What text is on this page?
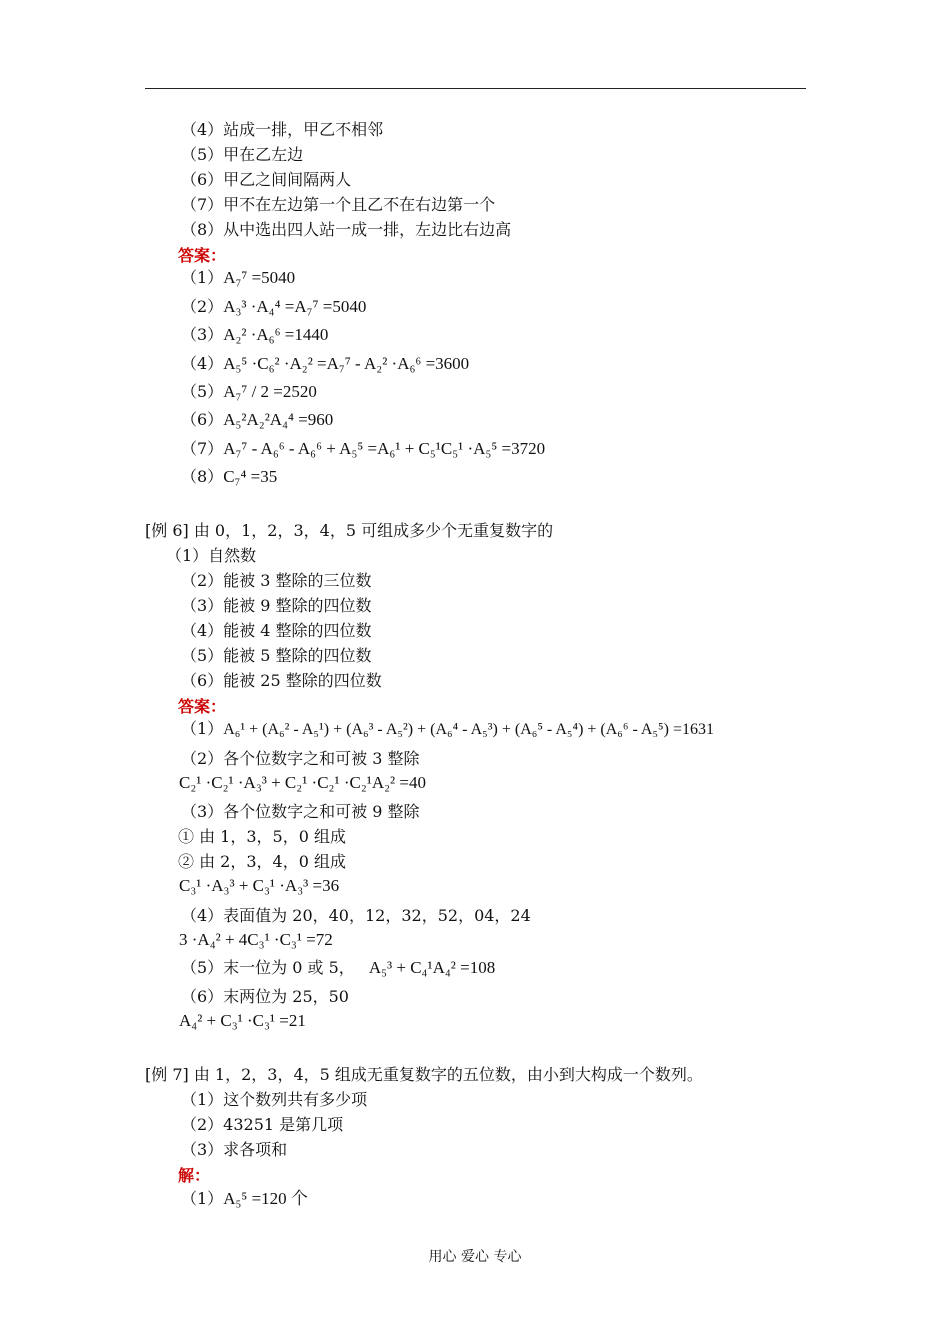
（4）站成一排，甲乙不相邻
（5）甲在乙左边
（6）甲乙之间间隔两人
（7）甲不在左边第一个且乙不在右边第一个
（8）从中选出四人站一成一排，左边比右边高
答案：
（1）A₇⁷ =5040
（2）A₃³ ·A₄⁴ =A₇⁷ =5040
（3）A₂² ·A₆⁶ =1440
（4）A₅⁵ ·C₆² ·A₂² =A₇⁷ - A₂² ·A₆⁶ =3600
（5）A₇⁷ / 2 =2520
（6）A₅²A₂²A₄⁴ =960
（7）A₇⁷ - A₆⁶ - A₆⁶ + A₅⁵ =A₆¹ + C₅¹C₅¹ ·A₅⁵ =3720
（8）C₇⁴ =35
[例 6] 由 0，1，2，3，4，5 可组成多少个无重复数字的
（1）自然数
（2）能被 3 整除的三位数
（3）能被 9 整除的四位数
（4）能被 4 整除的四位数
（5）能被 5 整除的四位数
（6）能被 25 整除的四位数
答案：
（1）A₆¹ + (A₆² - A₅¹) + (A₆³ - A₅²) + (A₆⁴ - A₅³) + (A₆⁵ - A₅⁴) + (A₆⁶ - A₅⁵) =1631
（2）各个位数字之和可被 3 整除
C₂¹ ·C₂¹ ·A₃³ + C₂¹ ·C₂¹ ·C₂¹A₂² =40
（3）各个位数字之和可被 9 整除
① 由 1，3，5，0 组成
② 由 2，3，4，0 组成
C₃¹ ·A₃³ + C₃¹ ·A₃³ =36
（4）表面值为 20，40，12，32，52，04，24
3 ·A₄² + 4C₃¹ ·C₃¹ =72
（5）末一位为 0 或 5， A₅³ + C₄¹A₄² =108
（6）末两位为 25，50
A₄² + C₃¹ ·C₃¹ =21
[例 7] 由 1，2，3，4，5 组成无重复数字的五位数，由小到大构成一个数列。
（1）这个数列共有多少项
（2）43251 是第几项
（3）求各项和
解：
（1）A₅⁵ =120 个
用心 爱心 专心
